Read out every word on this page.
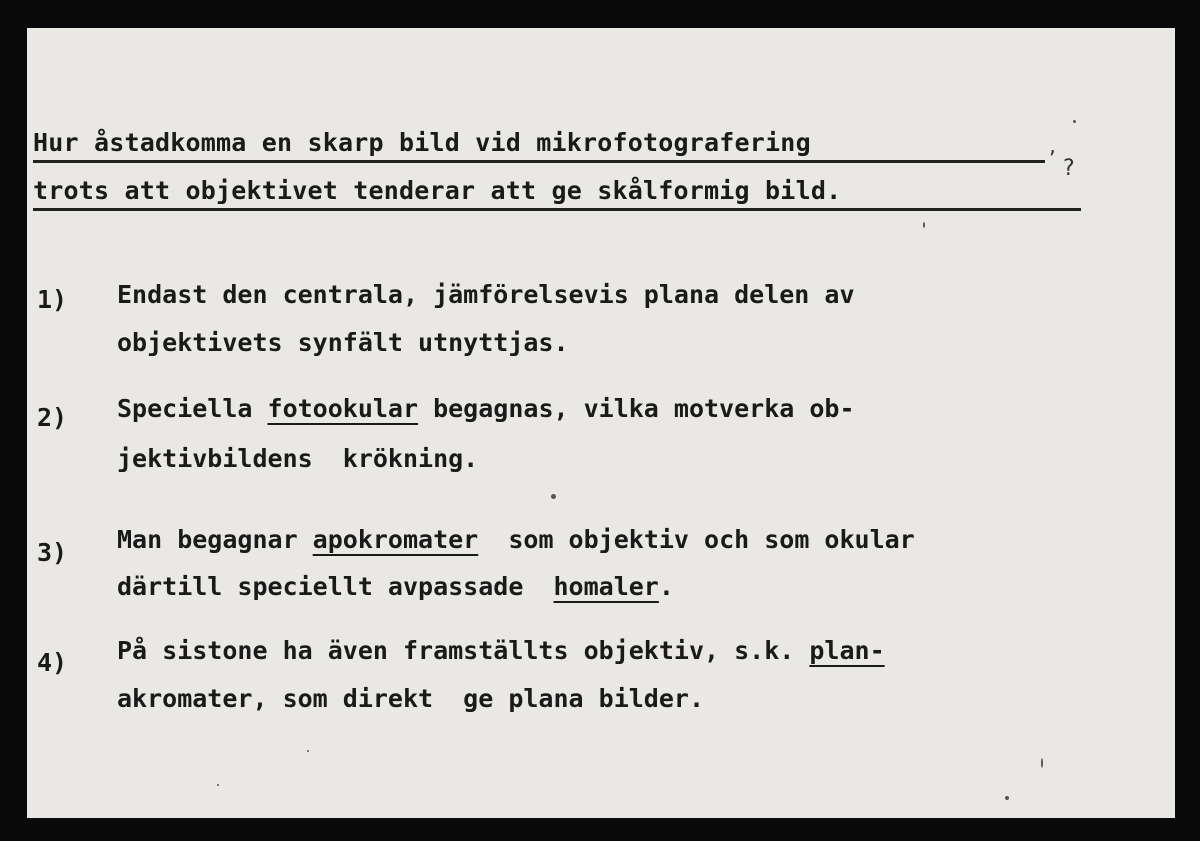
Hur åstadkomma en skarp bild vid mikrofotografering	,
trots att objektivet tenderar att ge skålformig bild.
?
1) Endast den centrala, jämförelsevis plana delen av
objektivets synfält utnyttjas.
2) Speciella fotookular begagnas, vilka motverka ob-
jektivbildens  krökning.
3) Man begagnar apokromater  som objektiv och som okular
därtill speciellt avpassade  homaler.
4) På sistone ha även framställts objektiv, s.k. plan-
akromater, som direkt  ge plana bilder.
